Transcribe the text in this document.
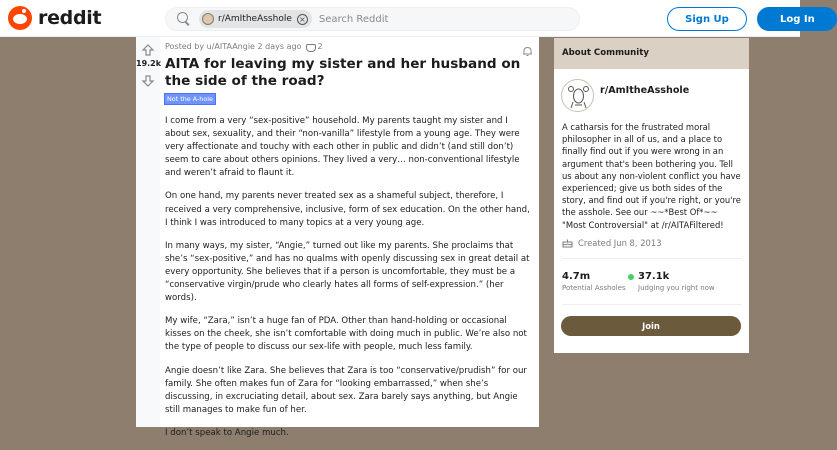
reddit	r/AmItheAsshole ×
Search Reddit	Sign Up	Log In
19.2k
Posted by u/AITAAngie 2 days ago 2
AITA for leaving my sister and her husband on the side of the road?
Not the A-hole

I come from a very “sex-positive” household. My parents taught my sister and I about sex, sexuality, and their “non-vanilla” lifestyle from a young age. They were very affectionate and touchy with each other in public and didn’t (and still don’t) seem to care about others opinions. They lived a very… non-conventional lifestyle and weren’t afraid to flaunt it.

On one hand, my parents never treated sex as a shameful subject, therefore, I received a very comprehensive, inclusive, form of sex education. On the other hand, I think I was introduced to many topics at a very young age.

In many ways, my sister, “Angie,” turned out like my parents. She proclaims that she’s “sex-positive,” and has no qualms with openly discussing sex in great detail at every opportunity. She believes that if a person is uncomfortable, they must be a “conservative virgin/prude who clearly hates all forms of self-expression.” (her words).

My wife, “Zara,” isn’t a huge fan of PDA. Other than hand-holding or occasional kisses on the cheek, she isn’t comfortable with doing much in public. We’re also not the type of people to discuss our sex-life with people, much less family.

Angie doesn’t like Zara. She believes that Zara is too “conservative/prudish” for our family. She often makes fun of Zara for “looking embarrassed,” when she’s discussing, in excruciating detail, about sex. Zara barely says anything, but Angie still manages to make fun of her.

I don’t speak to Angie much.

About Community
r/AmItheAsshole

A catharsis for the frustrated moral philosopher in all of us, and a place to finally find out if you were wrong in an argument that's been bothering you. Tell us about any non-violent conflict you have experienced; give us both sides of the story, and find out if you're right, or you're the asshole. See our ~~*Best Of*~~ "Most Controversial" at /r/AITAFiltered!

Created Jun 8, 2013
4.7m
Potential Assholes
37.1k
Judging you right now
Join
